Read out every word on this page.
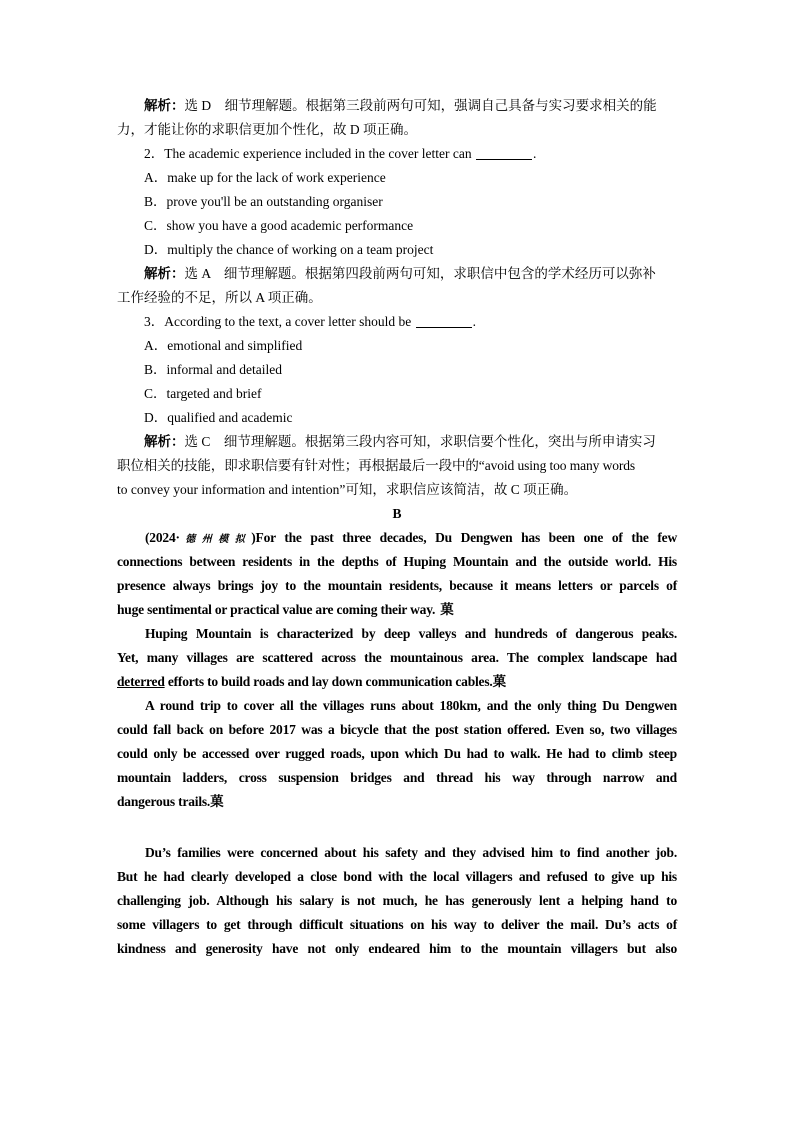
解析：选 D　细节理解题。根据第三段前两句可知，强调自己具备与实习要求相关的能
力，才能让你的求职信更加个性化，故 D 项正确。
2．The academic experience included in the cover letter can	.
A．make up for the lack of work experience
B．prove you'll be an outstanding organiser
C．show you have a good academic performance
D．multiply the chance of working on a team project
解析：选 A　细节理解题。根据第四段前两句可知，求职信中包含的学术经历可以弥补
工作经验的不足，所以 A 项正确。
3．According to the text, a cover letter should be	.
A．emotional and simplified
B．informal and detailed
C．targeted and brief
D．qualified and academic
解析：选 C　细节理解题。根据第三段内容可知，求职信要个性化，突出与所申请实习
职位相关的技能，即求职信要有针对性；再根据最后一段中的“avoid using too many words
to convey your information and intention”可知，求职信应该简洁，故 C 项正确。
B
(2024·德州模拟)For the past three decades, Du Dengwen has been one of the few
connections between residents in the depths of Huping Mountain and the outside world. His
presence always brings joy to the mountain residents, because it means letters or parcels of
huge sentimental or practical value are coming their way.  菓
Huping Mountain is characterized by deep valleys and hundreds of dangerous peaks.
Yet, many villages are scattered across the mountainous area. The complex landscape had
deterred efforts to build roads and lay down communication cables.菓
A round trip to cover all the villages runs about 180km, and the only thing Du Dengwen
could fall back on before 2017 was a bicycle that the post station offered. Even so, two villages
could only be accessed over rugged roads, upon which Du had to walk. He had to climb steep
mountain ladders, cross suspension bridges and thread his way through narrow and
dangerous trails.菓
Du’s families were concerned about his safety and they advised him to find another job.
But he had clearly developed a close bond with the local villagers and refused to give up his
challenging job. Although his salary is not much, he has generously lent a helping hand to
some villagers to get through difficult situations on his way to deliver the mail. Du’s acts of
kindness and generosity have not only endeared him to the mountain villagers but also
